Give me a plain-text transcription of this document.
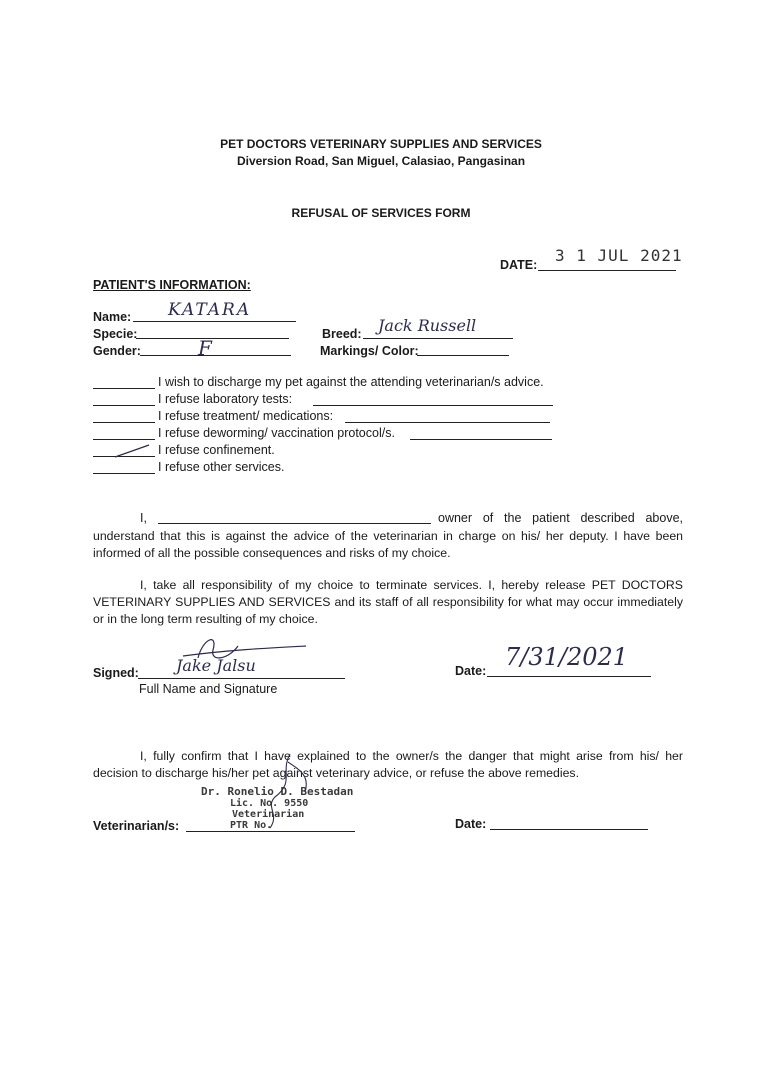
PET DOCTORS VETERINARY SUPPLIES AND SERVICES
Diversion Road, San Miguel, Calasiao, Pangasinan
REFUSAL OF SERVICES FORM
DATE: 3 1 JUL 2021
PATIENT'S INFORMATION:
Name: KATARA
Specie:
Gender:	F
Breed: Jack Russell
Markings/ Color:
I wish to discharge my pet against the attending veterinarian/s advice.
I refuse laboratory tests:
I refuse treatment/ medications:
I refuse deworming/ vaccination protocol/s.
I refuse confinement.
I refuse other services.
I,	owner of the patient described above,
understand that this is against the advice of the veterinarian in charge on his/ her deputy. I have been informed of all the possible consequences and risks of my choice.
I, take all responsibility of my choice to terminate services. I, hereby release PET DOCTORS VETERINARY SUPPLIES AND SERVICES and its staff of all responsibility for what may occur immediately or in the long term resulting of my choice.
Signed: Jake Jalsu
Full Name and Signature
Date: 7/31/2021
I, fully confirm that I have explained to the owner/s the danger that might arise from his/ her decision to discharge his/her pet against veterinary advice, or refuse the above remedies.
Dr. Ronelio D. Bestadan
Lic. No. 9550
Veterinarian
PTR No.
Veterinarian/s:	Date:
